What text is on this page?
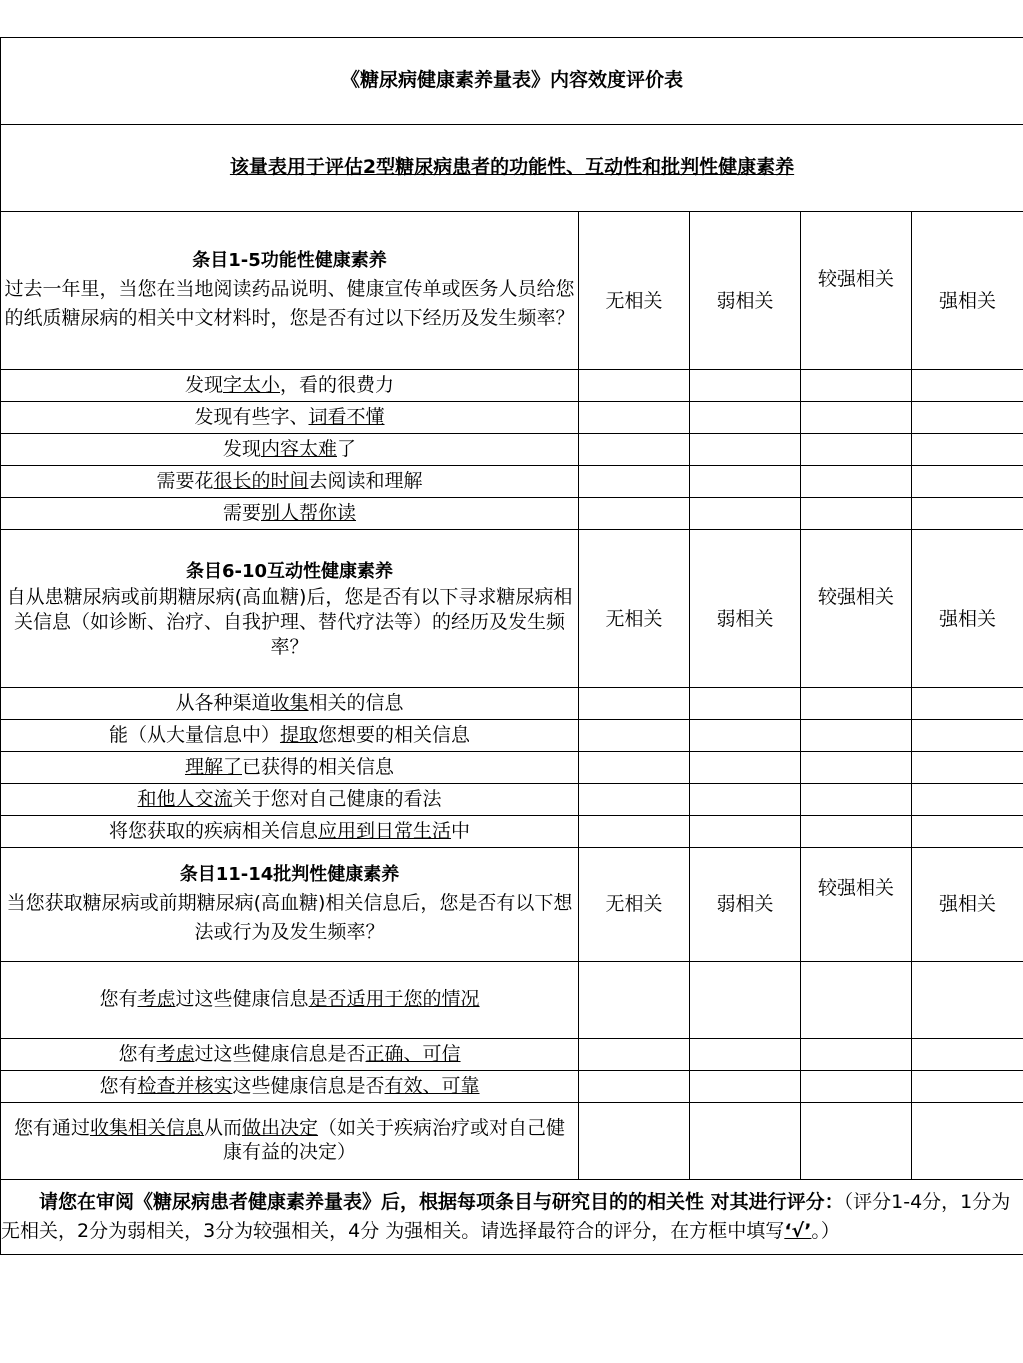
《糖尿病健康素养量表》内容效度评价表				
该量表用于评估2型糖尿病患者的功能性、互动性和批判性健康素养				

条目1-5功能性健康素养
过去一年里，当您在当地阅读药品说明、健康宣传单或医务人员给您的纸质糖尿病的相关中文材料时，您是否有过以下经历及发生频率？	无相关	弱相关	较强相关	强相关
发现字太小，看的很费力				
发现有些字、词看不懂				
发现内容太难了				
需要花很长的时间去阅读和理解				
需要别人帮你读				

条目6-10互动性健康素养
自从患糖尿病或前期糖尿病(高血糖)后，您是否有以下寻求糖尿病相关信息（如诊断、治疗、自我护理、替代疗法等）的经历及发生频率？	无相关	弱相关	较强相关	强相关
从各种渠道收集相关的信息				
能（从大量信息中）提取您想要的相关信息				
理解了已获得的相关信息				
和他人交流关于您对自己健康的看法				
将您获取的疾病相关信息应用到日常生活中				

条目11-14批判性健康素养
当您获取糖尿病或前期糖尿病(高血糖)相关信息后，您是否有以下想法或行为及发生频率？	无相关	弱相关	较强相关	强相关
您有考虑过这些健康信息是否适用于您的情况				
您有考虑过这些健康信息是否正确、可信				
您有检查并核实这些健康信息是否有效、可靠				
您有通过收集相关信息从而做出决定（如关于疾病治疗或对自己健康有益的决定）				
请您在审阅《糖尿病患者健康素养量表》后，根据每项条目与研究目的的相关性 对其进行评分：（评分1-4分，1分为无相关，2分为弱相关，3分为较强相关，4分 为强相关。请选择最符合的评分，在方框中填写‘√’。）				
